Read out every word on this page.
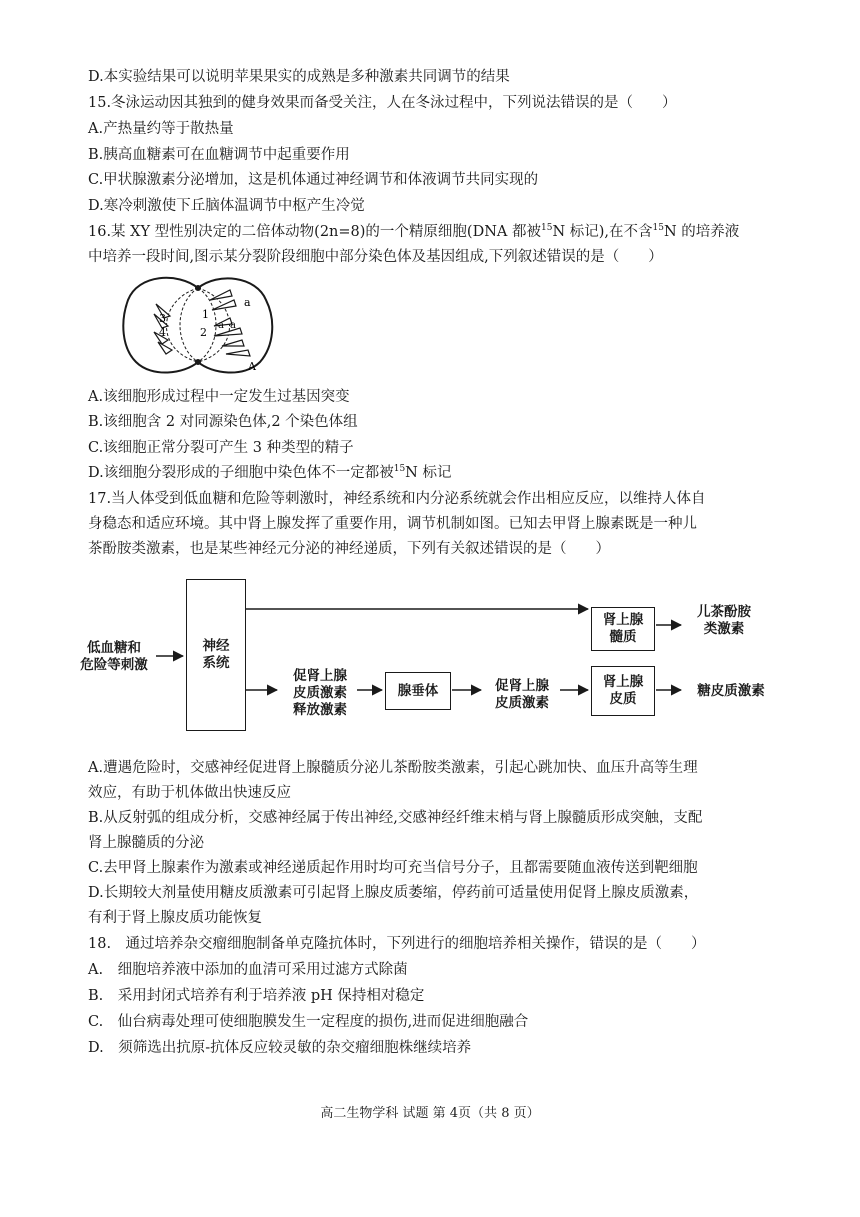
D.本实验结果可以说明苹果果实的成熟是多种激素共同调节的结果
15.冬泳运动因其独到的健身效果而备受关注，人在冬泳过程中，下列说法错误的是（　　）
A.产热量约等于散热量
B.胰高血糖素可在血糖调节中起重要作用
C.甲状腺激素分泌增加，这是机体通过神经调节和体液调节共同实现的
D.寒冷刺激使下丘脑体温调节中枢产生冷觉
16.某 XY 型性别决定的二倍体动物(2n=8)的一个精原细胞(DNA 都被$^{15}$N 标记),在不含$^{15}$N 的培养液
中培养一段时间,图示某分裂阶段细胞中部分染色体及基因组成,下列叙述错误的是（　　）
3
4
1
2
a
a a
A
A.该细胞形成过程中一定发生过基因突变
B.该细胞含 2 对同源染色体,2 个染色体组
C.该细胞正常分裂可产生 3 种类型的精子
D.该细胞分裂形成的子细胞中染色体不一定都被$^{15}$N 标记
17.当人体受到低血糖和危险等刺激时，神经系统和内分泌系统就会作出相应反应，以维持人体自
身稳态和适应环境。其中肾上腺发挥了重要作用，调节机制如图。已知去甲肾上腺素既是一种儿
茶酚胺类激素，也是某些神经元分泌的神经递质，下列有关叙述错误的是（　　）
低血糖和
危险等刺激
神经
系统
肾上腺
髓质
儿茶酚胺
类激素
促肾上腺
皮质激素
释放激素
腺垂体	促肾上腺
皮质激素
肾上腺
皮质	糖皮质激素
A.遭遇危险时，交感神经促进肾上腺髓质分泌儿茶酚胺类激素，引起心跳加快、血压升高等生理
效应，有助于机体做出快速反应
B.从反射弧的组成分析，交感神经属于传出神经,交感神经纤维末梢与肾上腺髓质形成突触，支配
肾上腺髓质的分泌
C.去甲肾上腺素作为激素或神经递质起作用时均可充当信号分子，且都需要随血液传送到靶细胞
D.长期较大剂量使用糖皮质激素可引起肾上腺皮质萎缩，停药前可适量使用促肾上腺皮质激素，
有利于肾上腺皮质功能恢复
18.　通过培养杂交瘤细胞制备单克隆抗体时，下列进行的细胞培养相关操作，错误的是（　　）
A.　细胞培养液中添加的血清可采用过滤方式除菌
B.　采用封闭式培养有利于培养液 pH 保持相对稳定
C.　仙台病毒处理可使细胞膜发生一定程度的损伤,进而促进细胞融合
D.　须筛选出抗原-抗体反应较灵敏的杂交瘤细胞株继续培养
高二生物学科 试题 第 4页（共 8 页）
